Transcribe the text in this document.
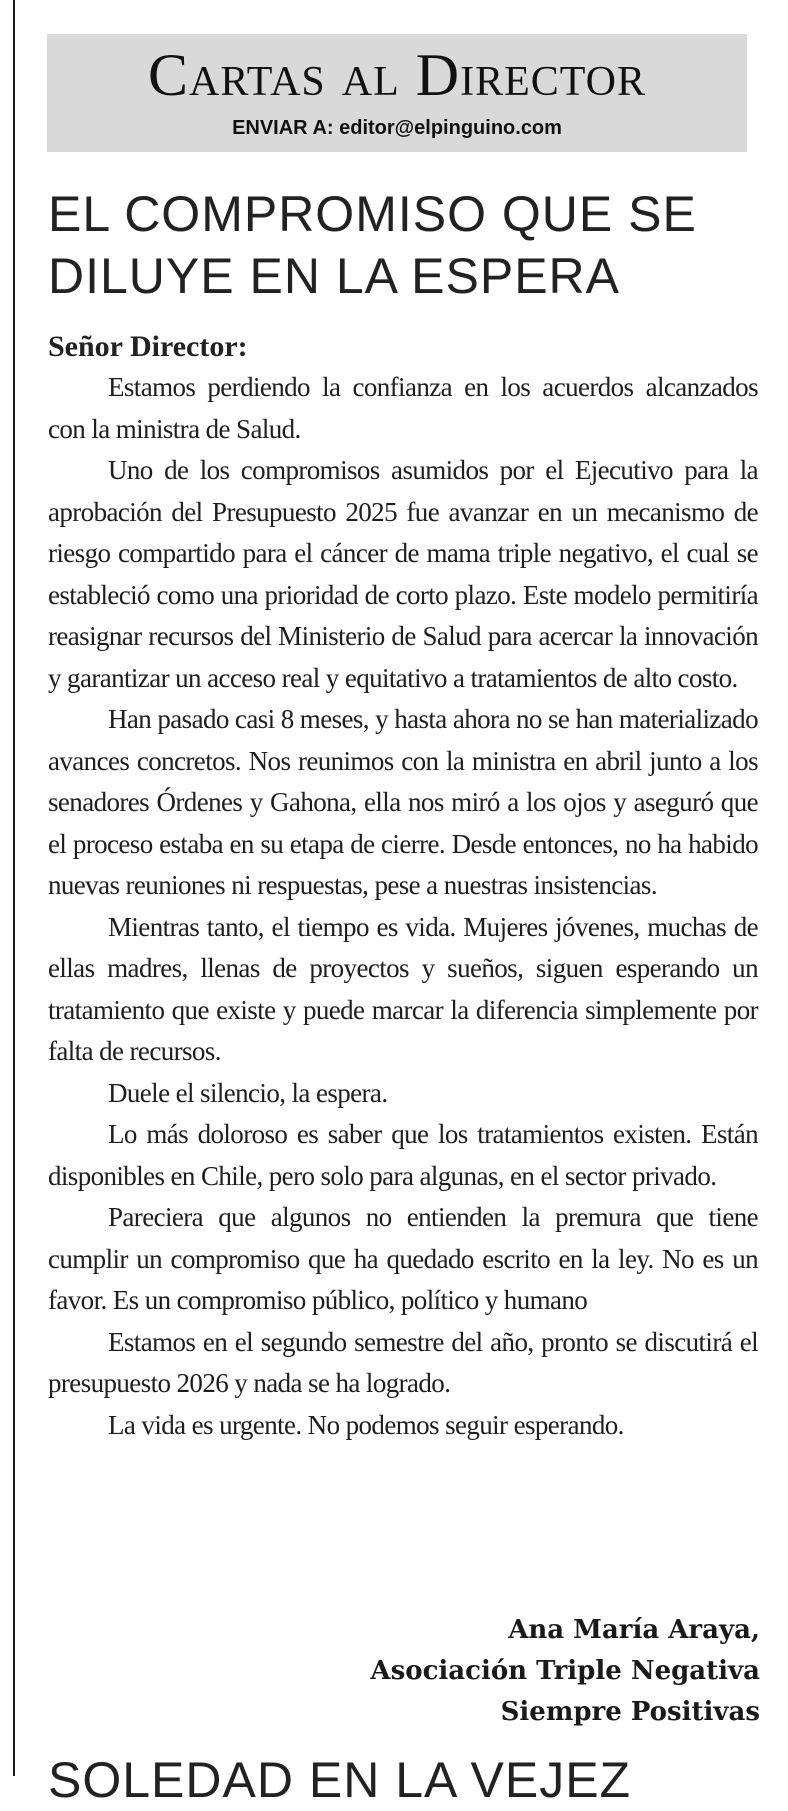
Cartas al Director
ENVIAR A: editor@elpinguino.com
EL COMPROMISO QUE SE DILUYE EN LA ESPERA
Señor Director:

Estamos perdiendo la confianza en los acuerdos alcanzados con la ministra de Salud.

Uno de los compromisos asumidos por el Ejecutivo para la aprobación del Presupuesto 2025 fue avanzar en un mecanismo de riesgo compartido para el cáncer de mama triple negativo, el cual se estableció como una prioridad de corto plazo. Este modelo permitiría reasignar recursos del Ministerio de Salud para acercar la innovación y garantizar un acceso real y equitativo a tratamientos de alto costo.

Han pasado casi 8 meses, y hasta ahora no se han materializado avances concretos. Nos reunimos con la ministra en abril junto a los senadores Órdenes y Gahona, ella nos miró a los ojos y aseguró que el proceso estaba en su etapa de cierre. Desde entonces, no ha habido nuevas reuniones ni respuestas, pese a nuestras insistencias.

Mientras tanto, el tiempo es vida. Mujeres jóvenes, muchas de ellas madres, llenas de proyectos y sueños, siguen esperando un tratamiento que existe y puede marcar la diferencia simplemente por falta de recursos.

Duele el silencio, la espera.

Lo más doloroso es saber que los tratamientos existen. Están disponibles en Chile, pero solo para algunas, en el sector privado.

Pareciera que algunos no entienden la premura que tiene cumplir un compromiso que ha quedado escrito en la ley. No es un favor. Es un compromiso público, político y humano

Estamos en el segundo semestre del año, pronto se discutirá el presupuesto 2026 y nada se ha logrado.

La vida es urgente. No podemos seguir esperando.

Ana María Araya,
Asociación Triple Negativa
Siempre Positivas
SOLEDAD EN LA VEJEZ
